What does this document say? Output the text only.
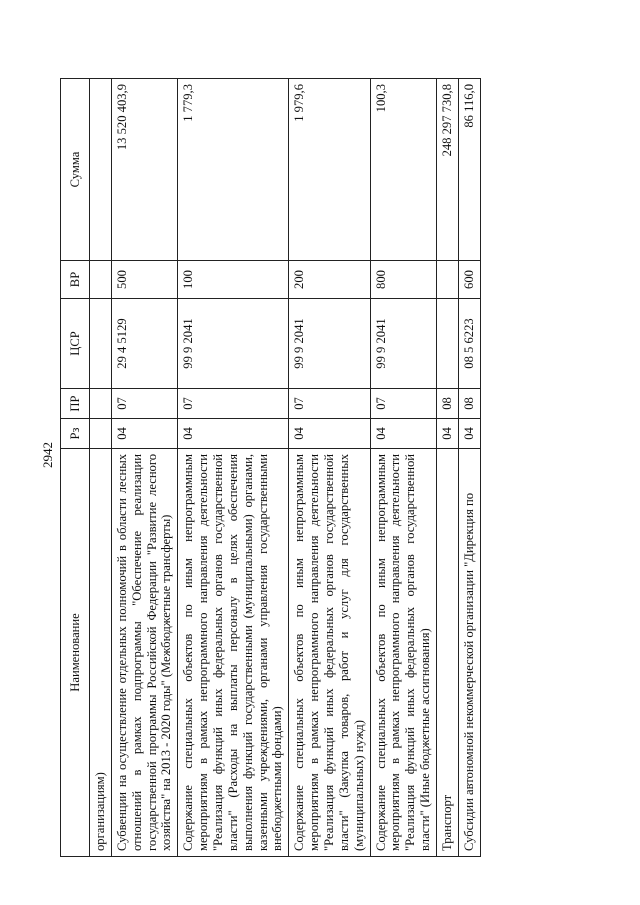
2942
Наименование	Рз	ПР	ЦСР	ВР	Сумма
организациям)					
Субвенции на осуществление отдельных полномочий в области лесных отношений в рамках подпрограммы "Обеспечение реализации государственной программы Российской Федерации "Развитие лесного хозяйства" на 2013 - 2020 годы" (Межбюджетные трансферты)	04	07	29 4 5129	500	13 520 403,9
Содержание специальных объектов по иным непрограммным мероприятиям в рамках непрограммного направления деятельности "Реализация функций иных федеральных органов государственной власти" (Расходы на выплаты персоналу в целях обеспечения выполнения функций государственными (муниципальными) органами, казенными учреждениями, органами управления государственными внебюджетными фондами)	04	07	99 9 2041	100	1 779,3
Содержание специальных объектов по иным непрограммным мероприятиям в рамках непрограммного направления деятельности "Реализация функций иных федеральных органов государственной власти" (Закупка товаров, работ и услуг для государственных (муниципальных) нужд)	04	07	99 9 2041	200	1 979,6
Содержание специальных объектов по иным непрограммным мероприятиям в рамках непрограммного направления деятельности "Реализация функций иных федеральных органов государственной власти" (Иные бюджетные ассигнования)	04	07	99 9 2041	800	100,3
Транспорт	04	08			248 297 730,8
Субсидии автономной некоммерческой организации "Дирекция по	04	08	08 5 6223	600	86 116,0
